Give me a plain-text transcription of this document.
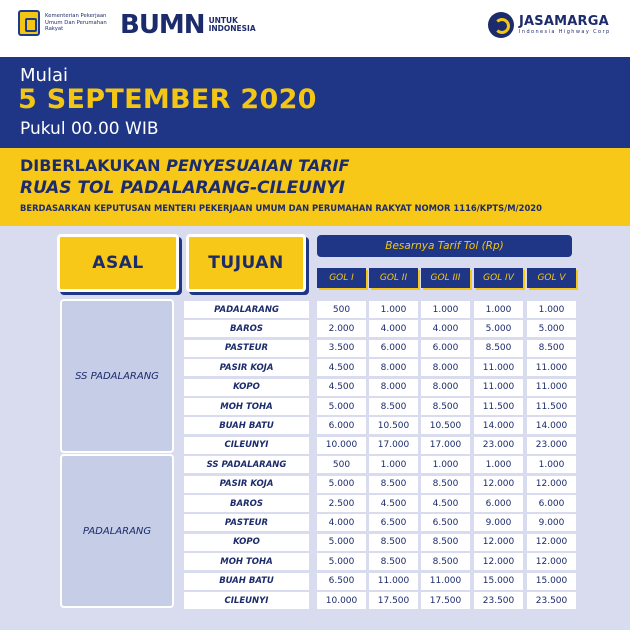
Kementerian Pekerjaan Umum Dan Perumahan Rakyat	BUMN UNTUK INDONESIA	JASAMARGA
Indonesia Highway Corp
Mulai
5 SEPTEMBER 2020
Pukul 00.00 WIB
DIBERLAKUKAN PENYESUAIAN TARIF
RUAS TOL PADALARANG-CILEUNYI
BERDASARKAN KEPUTUSAN MENTERI PEKERJAAN UMUM DAN PERUMAHAN RAKYAT NOMOR 1116/KPTS/M/2020
ASAL	TUJUAN
Besarnya Tarif Tol (Rp)
GOL I	GOL II	GOL III	GOL IV	GOL V
SS PADALARANG
PADALARANG	500	1.000	1.000	1.000	1.000
BAROS	2.000	4.000	4.000	5.000	5.000
PASTEUR	3.500	6.000	6.000	8.500	8.500
PASIR KOJA	4.500	8.000	8.000	11.000	11.000
KOPO	4.500	8.000	8.000	11.000	11.000
MOH TOHA	5.000	8.500	8.500	11.500	11.500
BUAH BATU	6.000	10.500	10.500	14.000	14.000
CILEUNYI	10.000	17.000	17.000	23.000	23.000
PADALARANG
SS PADALARANG	500	1.000	1.000	1.000	1.000
PASIR KOJA	5.000	8.500	8.500	12.000	12.000
BAROS	2.500	4.500	4.500	6.000	6.000
PASTEUR	4.000	6.500	6.500	9.000	9.000
KOPO	5.000	8.500	8.500	12.000	12.000
MOH TOHA	5.000	8.500	8.500	12.000	12.000
BUAH BATU	6.500	11.000	11.000	15.000	15.000
CILEUNYI	10.000	17.500	17.500	23.500	23.500
